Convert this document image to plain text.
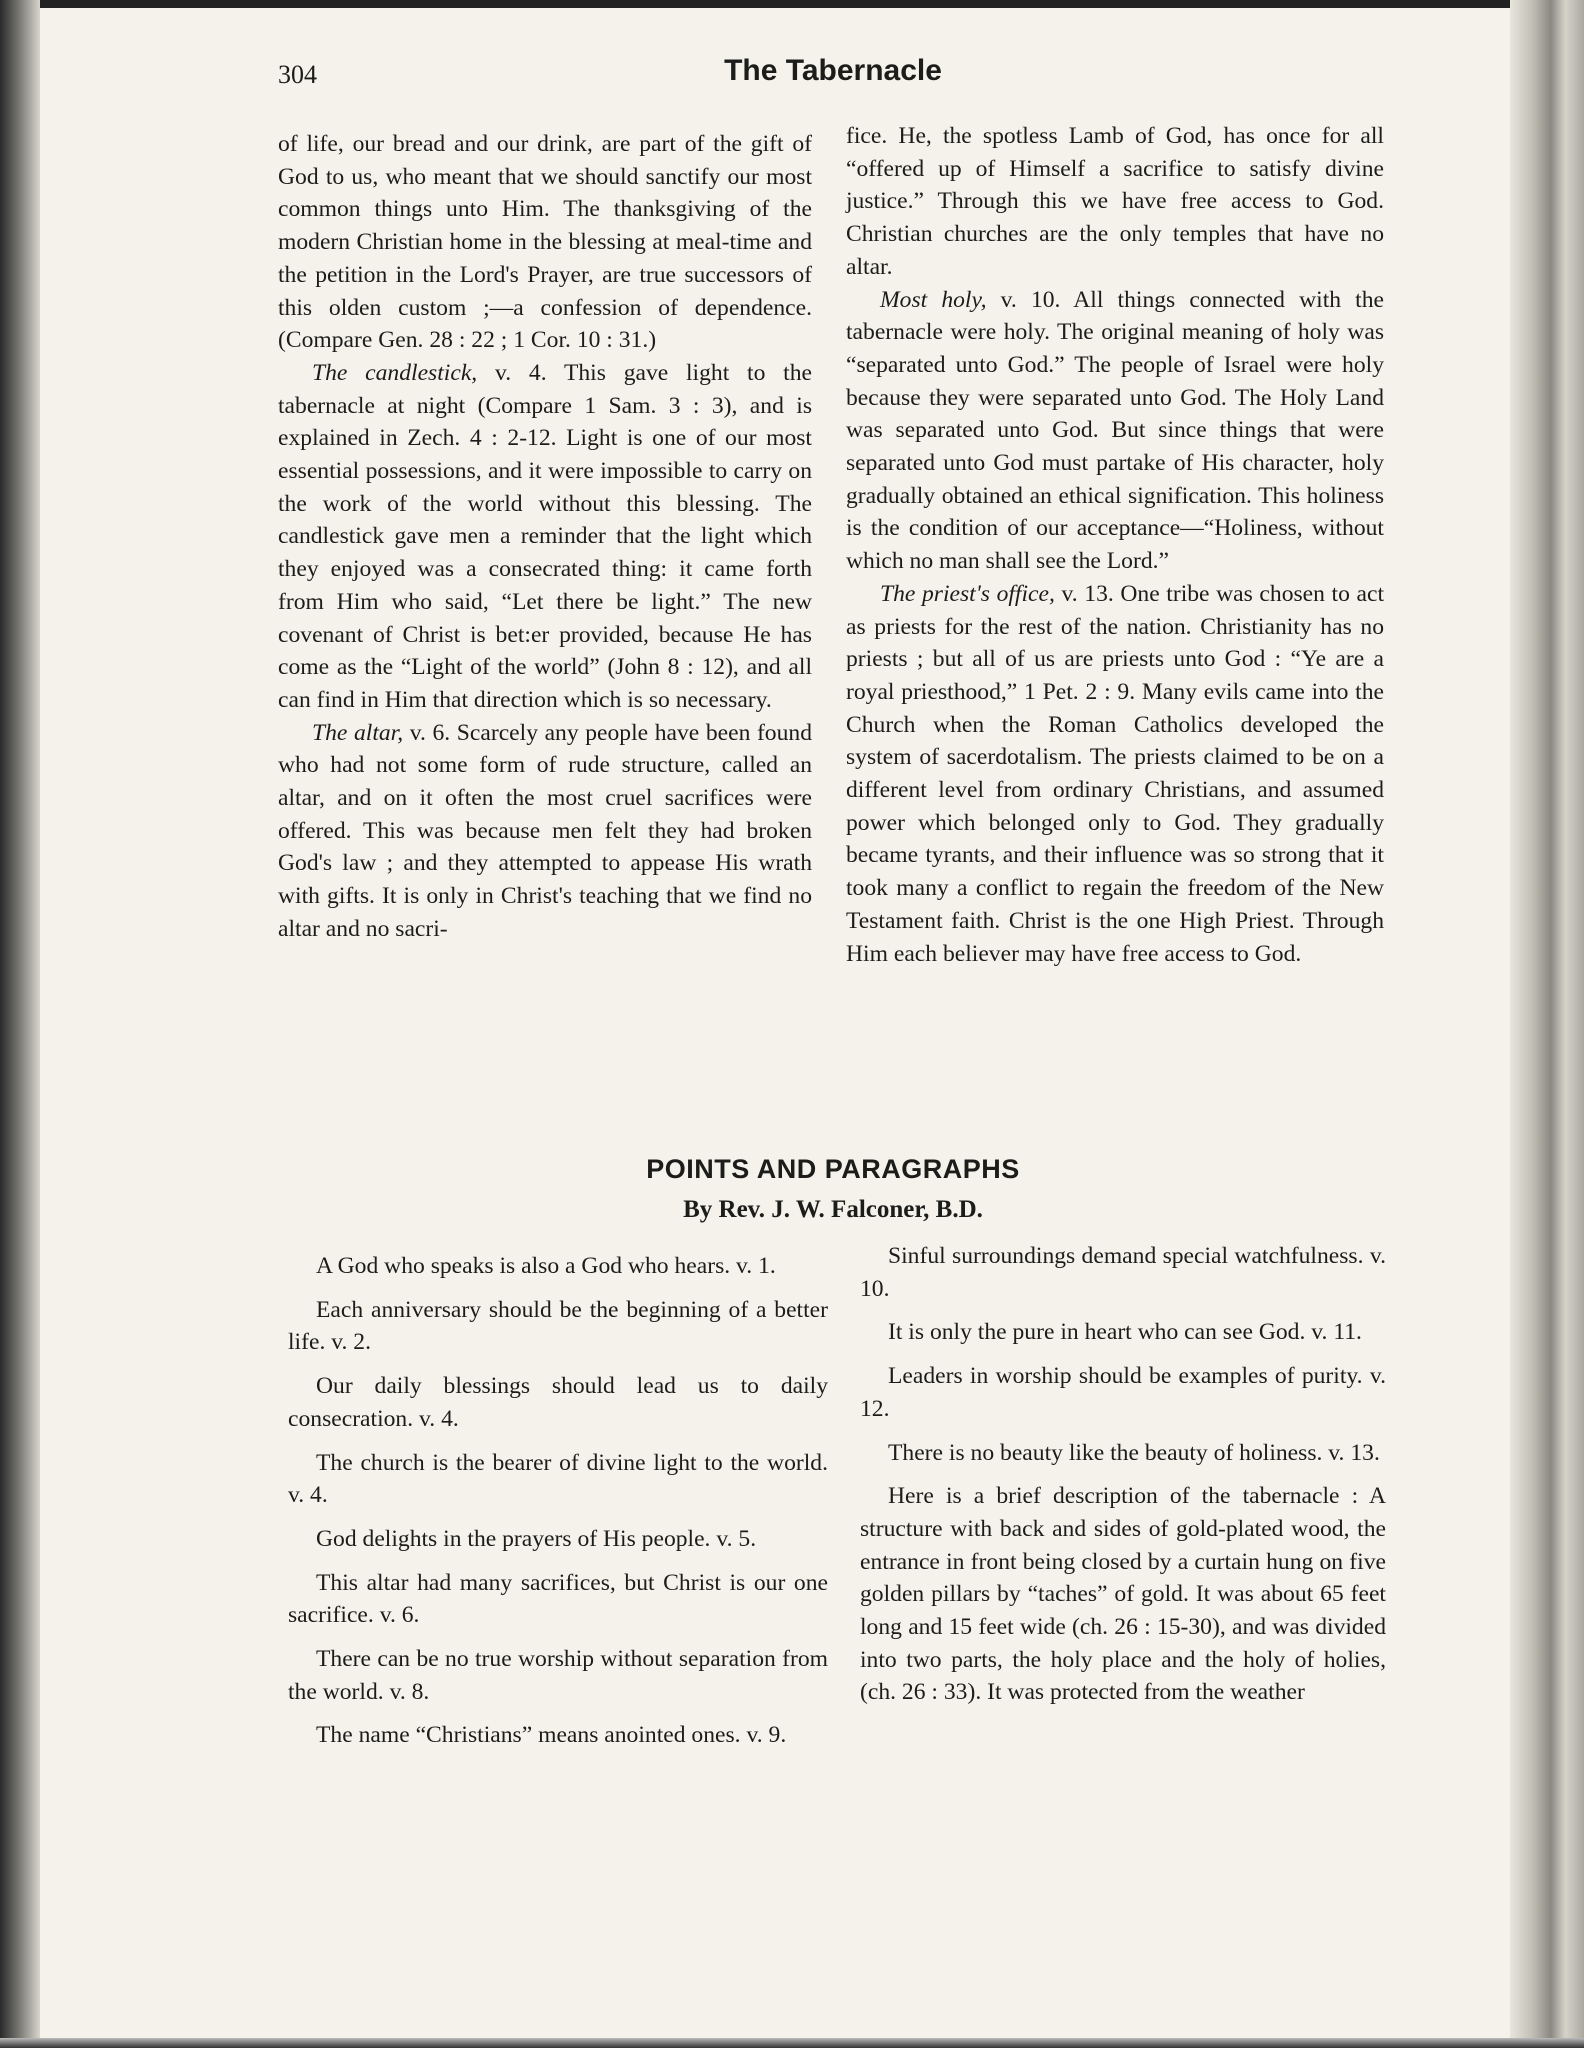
304	The Tabernacle

of life, our bread and our drink, are part of the gift of God to us, who meant that we should sanctify our most common things unto Him. The thanksgiving of the modern Christian home in the blessing at meal-time and the petition in the Lord's Prayer, are true successors of this olden custom ;—a confession of dependence. (Compare Gen. 28 : 22 ; 1 Cor. 10 : 31.)

The candlestick, v. 4. This gave light to the tabernacle at night (Compare 1 Sam. 3 : 3), and is explained in Zech. 4 : 2-12. Light is one of our most essential possessions, and it were impossible to carry on the work of the world without this blessing. The candlestick gave men a reminder that the light which they enjoyed was a consecrated thing: it came forth from Him who said, “Let there be light.” The new covenant of Christ is bet:er provided, because He has come as the “Light of the world” (John 8 : 12), and all can find in Him that direction which is so necessary.

The altar, v. 6. Scarcely any people have been found who had not some form of rude structure, called an altar, and on it often the most cruel sacrifices were offered. This was because men felt they had broken God's law ; and they attempted to appease His wrath with gifts. It is only in Christ's teaching that we find no altar and no sacri-

fice. He, the spotless Lamb of God, has once for all “offered up of Himself a sacrifice to satisfy divine justice.” Through this we have free access to God. Christian churches are the only temples that have no altar.

Most holy, v. 10. All things connected with the tabernacle were holy. The original meaning of holy was “separated unto God.” The people of Israel were holy because they were separated unto God. The Holy Land was separated unto God. But since things that were separated unto God must partake of His character, holy gradually obtained an ethical signification. This holiness is the condition of our acceptance—“Holiness, without which no man shall see the Lord.”

The priest's office, v. 13. One tribe was chosen to act as priests for the rest of the nation. Christianity has no priests ; but all of us are priests unto God : “Ye are a royal priesthood,” 1 Pet. 2 : 9. Many evils came into the Church when the Roman Catholics developed the system of sacerdotalism. The priests claimed to be on a different level from ordinary Christians, and assumed power which belonged only to God. They gradually became tyrants, and their influence was so strong that it took many a conflict to regain the freedom of the New Testament faith. Christ is the one High Priest. Through Him each believer may have free access to God.

POINTS AND PARAGRAPHS
By Rev. J. W. Falconer, B.D.

A God who speaks is also a God who hears. v. 1.

Each anniversary should be the beginning of a better life. v. 2.

Our daily blessings should lead us to daily consecration. v. 4.

The church is the bearer of divine light to the world. v. 4.

God delights in the prayers of His people. v. 5.

This altar had many sacrifices, but Christ is our one sacrifice. v. 6.

There can be no true worship without separation from the world. v. 8.

The name “Christians” means anointed ones. v. 9.

Sinful surroundings demand special watchfulness. v. 10.

It is only the pure in heart who can see God. v. 11.

Leaders in worship should be examples of purity. v. 12.

There is no beauty like the beauty of holiness. v. 13.

Here is a brief description of the tabernacle : A structure with back and sides of gold-plated wood, the entrance in front being closed by a curtain hung on five golden pillars by “taches” of gold. It was about 65 feet long and 15 feet wide (ch. 26 : 15-30), and was divided into two parts, the holy place and the holy of holies, (ch. 26 : 33). It was protected from the weather
